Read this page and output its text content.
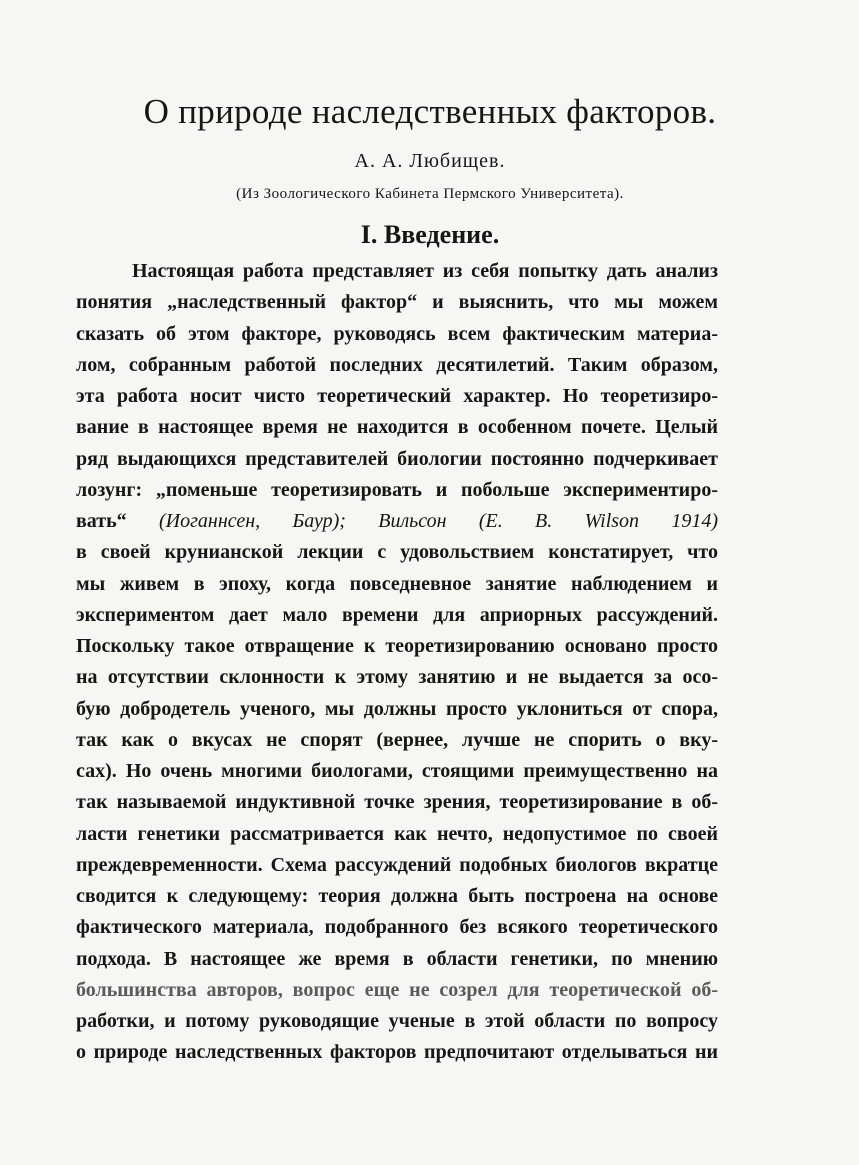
О природе наследственных факторов.
А. А. Любищев.
(Из Зоологического Кабинета Пермского Университета).
I. Введение.
Настоящая работа представляет из себя попытку дать анализ
понятия „наследственный фактор“ и выяснить, что мы можем
сказать об этом факторе, руководясь всем фактическим материа-
лом, собранным работой последних десятилетий. Таким образом,
эта работа носит чисто теоретический характер. Но теоретизиро-
вание в настоящее время не находится в особенном почете. Целый
ряд выдающихся представителей биологии постоянно подчеркивает
лозунг: „поменьше теоретизировать и побольше экспериментиро-
вать“ (Иоганнсен, Баур); Вильсон (E. B. Wilson 1914)
в своей крунианской лекции с удовольствием констатирует, что
мы живем в эпоху, когда повседневное занятие наблюдением и
экспериментом дает мало времени для априорных рассуждений.
Поскольку такое отвращение к теоретизированию основано просто
на отсутствии склонности к этому занятию и не выдается за осо-
бую добродетель ученого, мы должны просто уклониться от спора,
так как о вкусах не спорят (вернее, лучше не спорить о вку-
сах). Но очень многими биологами, стоящими преимущественно на
так называемой индуктивной точке зрения, теоретизирование в об-
ласти генетики рассматривается как нечто, недопустимое по своей
преждевременности. Схема рассуждений подобных биологов вкратце
сводится к следующему: теория должна быть построена на основе
фактического материала, подобранного без всякого теоретического
подхода. В настоящее же время в области генетики, по мнению
большинства авторов, вопрос еще не созрел для теоретической об-
работки, и потому руководящие ученые в этой области по вопросу
о природе наследственных факторов предпочитают отделываться ни
